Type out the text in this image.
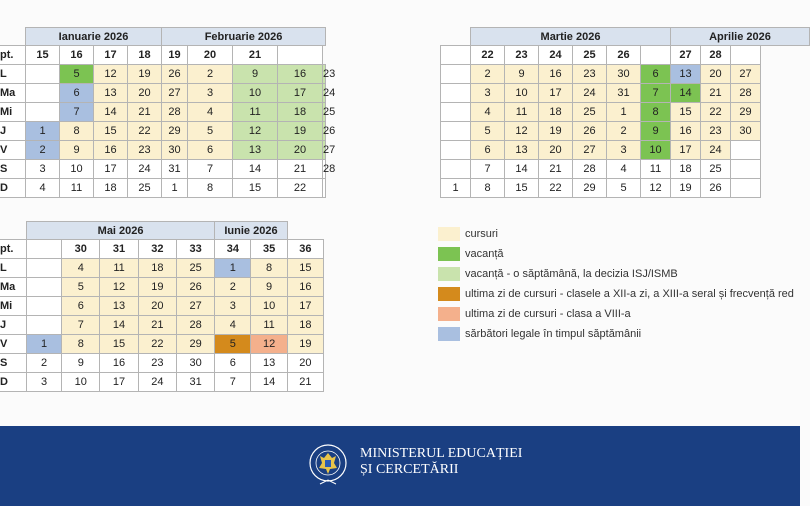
	Ianuarie 2026				Februarie 2026				
pt.	15	16	17	18	19	20	21		
L		5	12	19	26	2	9	16	23
Ma		6	13	20	27	3	10	17	24
Mi		7	14	21	28	4	11	18	25
J	1	8	15	22	29	5	12	19	26
V	2	9	16	23	30	6	13	20	27
S	3	10	17	24	31	7	14	21	28
D	4	11	18	25	1	8	15	22	
	Martie 2026						Aprilie 2026		
	22	23	24	25	26		27	28	
	2	9	16	23	30	6	13	20	27
	3	10	17	24	31	7	14	21	28
	4	11	18	25	1	8	15	22	29
	5	12	19	26	2	9	16	23	30
	6	13	20	27	3	10	17	24	
	7	14	21	28	4	11	18	25	
1	8	15	22	29	5	12	19	26	
	Mai 2026					Iunie 2026		
pt.		30	31	32	33	34	35	36
L		4	11	18	25	1	8	15
Ma		5	12	19	26	2	9	16
Mi		6	13	20	27	3	10	17
J		7	14	21	28	4	11	18
V	1	8	15	22	29	5	12	19
S	2	9	16	23	30	6	13	20
D	3	10	17	24	31	7	14	21
cursuri
vacanță
vacanță - o săptămână, la decizia ISJ/ISMB
ultima zi de cursuri - clasele a XII-a zi, a XIII-a seral și frecvență red
ultima zi de cursuri - clasa a VIII-a
sărbători legale în timpul săptămânii
MINISTERUL EDUCAȚIEI
ȘI CERCETĂRII
